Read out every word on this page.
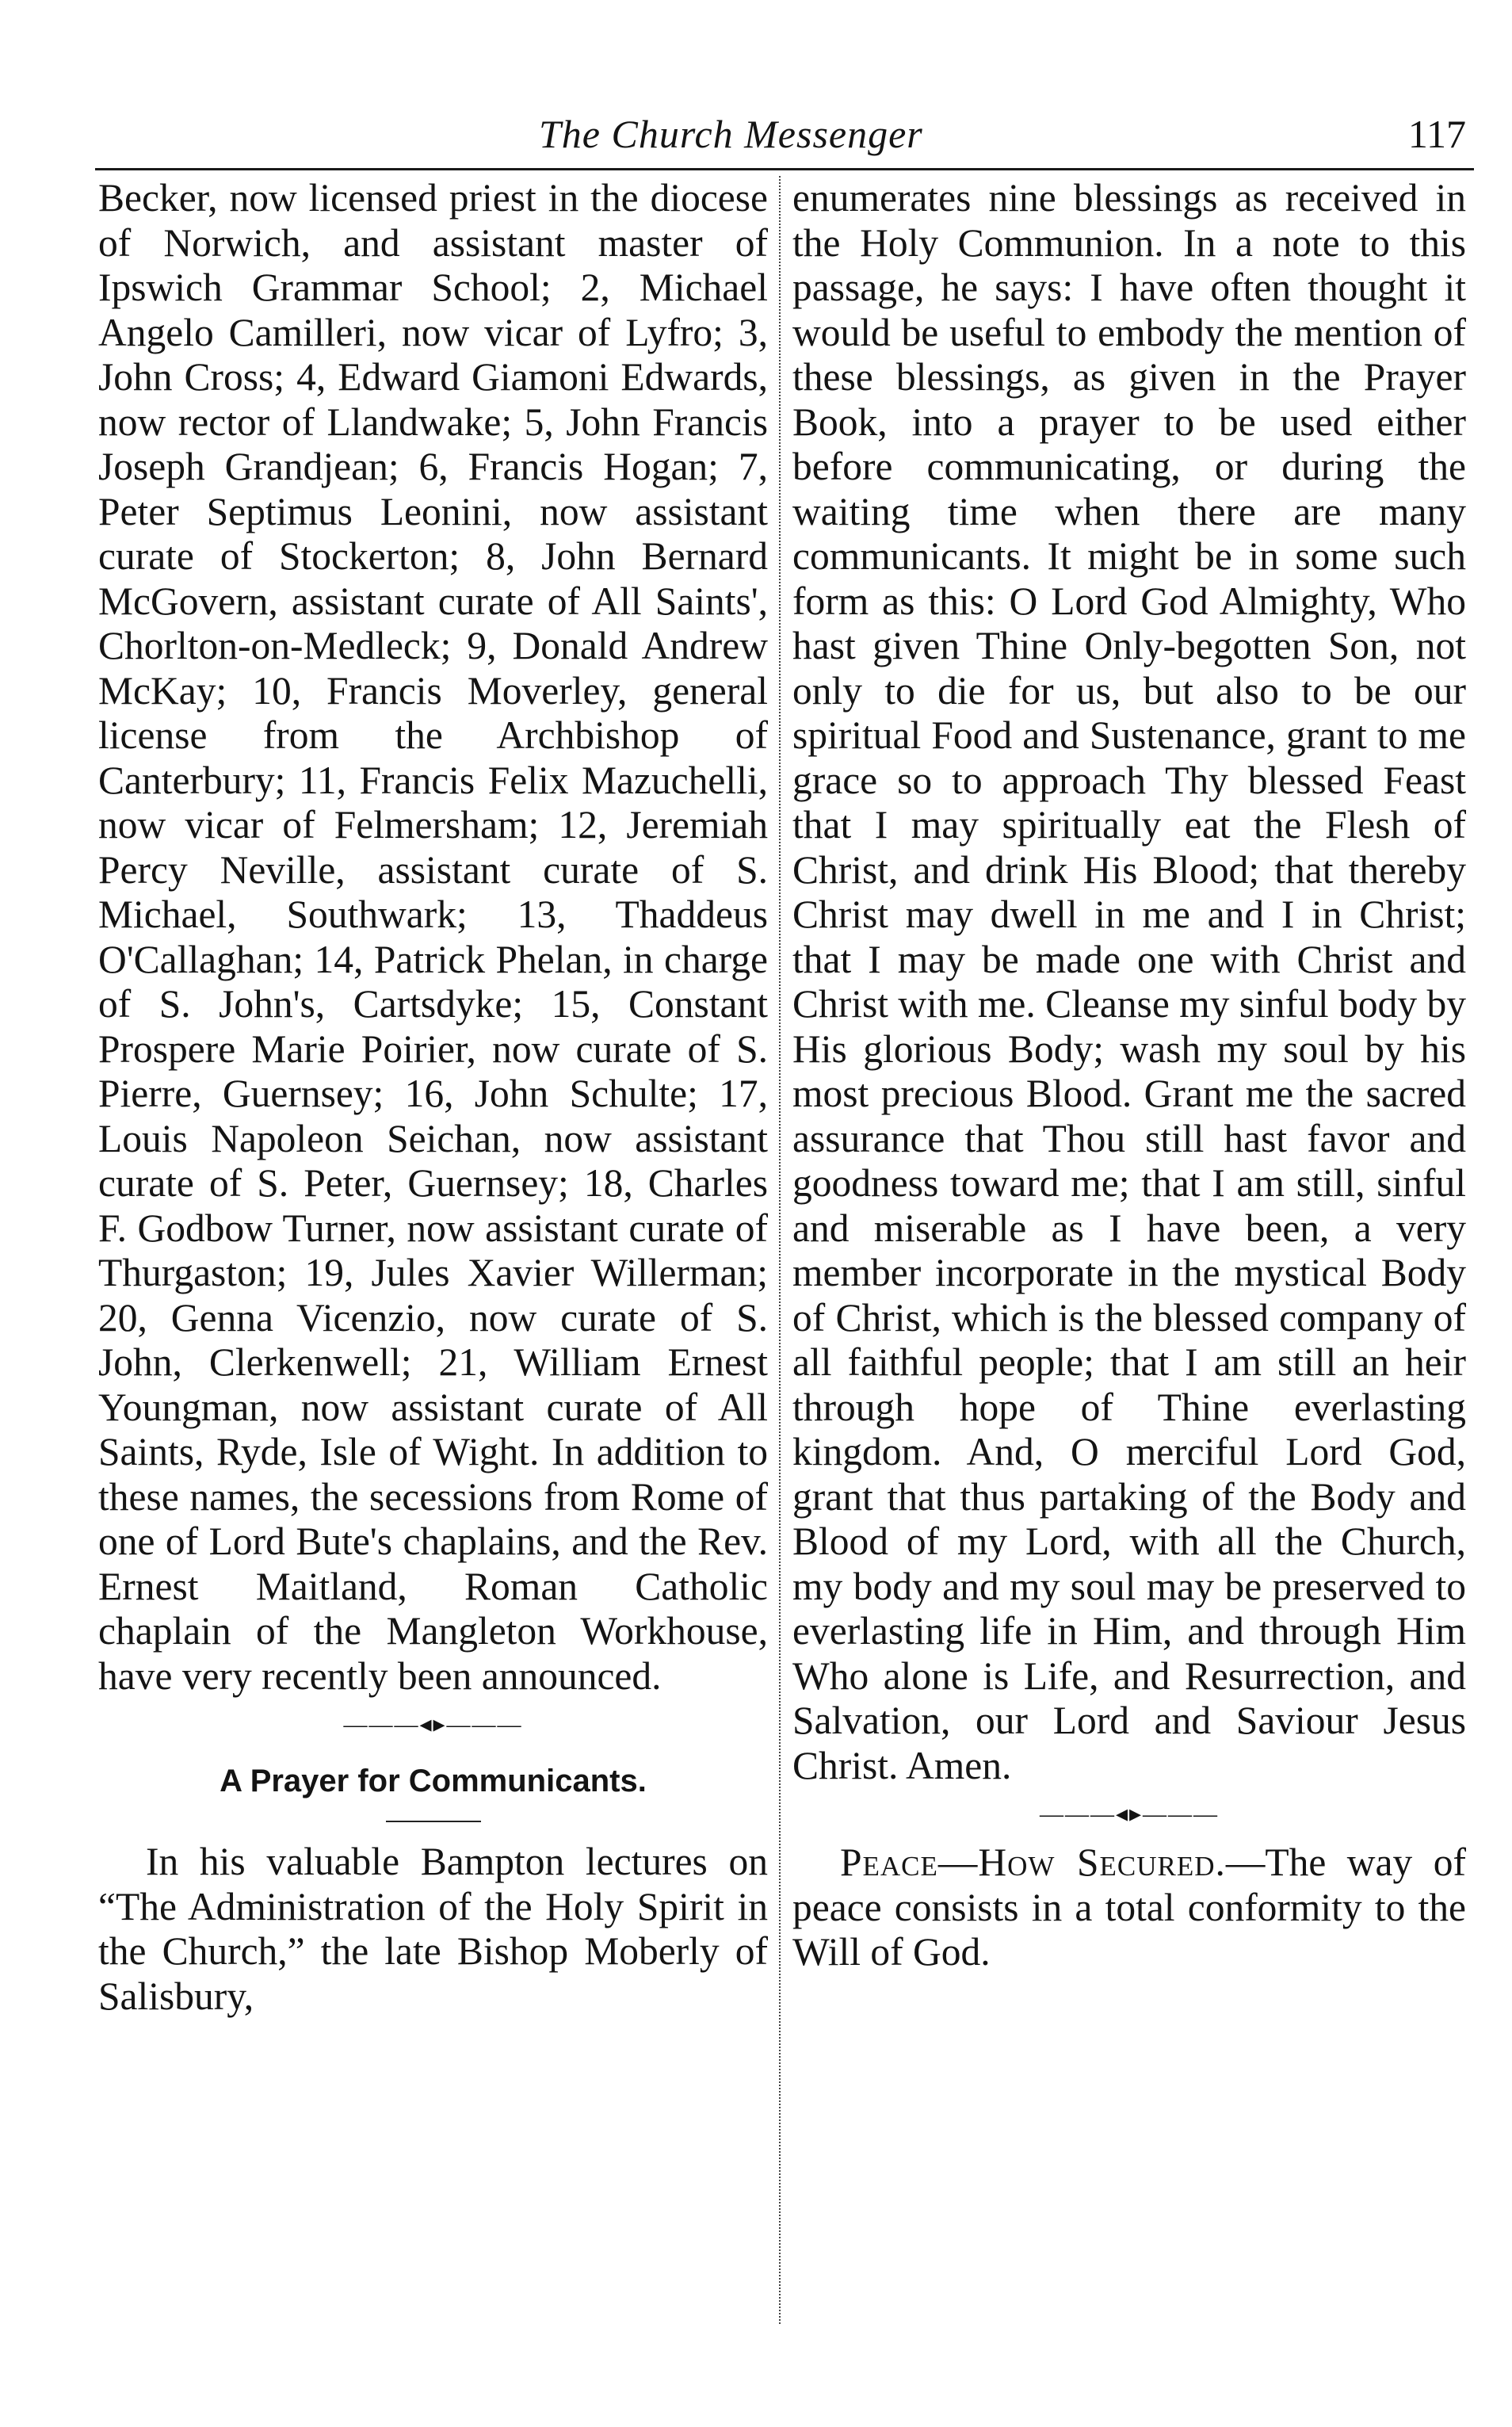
The Church Messenger	117

Becker, now licensed priest in the diocese of Norwich, and assistant master of Ipswich Grammar School; 2, Michael Angelo Camilleri, now vicar of Lyfro; 3, John Cross; 4, Edward Giamoni Edwards, now rector of Llandwake; 5, John Francis Joseph Grandjean; 6, Francis Hogan; 7, Peter Septimus Leonini, now assistant curate of Stockerton; 8, John Bernard McGovern, assistant curate of All Saints', Chorlton-on-Medleck; 9, Donald Andrew McKay; 10, Francis Moverley, general license from the Archbishop of Canterbury; 11, Francis Felix Mazuchelli, now vicar of Felmersham; 12, Jeremiah Percy Neville, assistant curate of S. Michael, Southwark; 13, Thaddeus O'Callaghan; 14, Patrick Phelan, in charge of S. John's, Cartsdyke; 15, Constant Prospere Marie Poirier, now curate of S. Pierre, Guernsey; 16, John Schulte; 17, Louis Napoleon Seichan, now assistant curate of S. Peter, Guernsey; 18, Charles F. Godbow Turner, now assistant curate of Thurgaston; 19, Jules Xavier Willerman; 20, Genna Vicenzio, now curate of S. John, Clerkenwell; 21, William Ernest Youngman, now assistant curate of All Saints, Ryde, Isle of Wight. In addition to these names, the secessions from Rome of one of Lord Bute's chaplains, and the Rev. Ernest Maitland, Roman Catholic chaplain of the Mangleton Workhouse, have very recently been announced.

———◂▸———
A Prayer for Communicants.

In his valuable Bampton lectures on “The Administration of the Holy Spirit in the Church,” the late Bishop Moberly of Salisbury,

enumerates nine blessings as received in the Holy Communion. In a note to this passage, he says: I have often thought it would be useful to embody the mention of these blessings, as given in the Prayer Book, into a prayer to be used either before communicating, or during the waiting time when there are many communicants. It might be in some such form as this: O Lord God Almighty, Who hast given Thine Only-begotten Son, not only to die for us, but also to be our spiritual Food and Sustenance, grant to me grace so to approach Thy blessed Feast that I may spiritually eat the Flesh of Christ, and drink His Blood; that thereby Christ may dwell in me and I in Christ; that I may be made one with Christ and Christ with me. Cleanse my sinful body by His glorious Body; wash my soul by his most precious Blood. Grant me the sacred assurance that Thou still hast favor and goodness toward me; that I am still, sinful and miserable as I have been, a very member incorporate in the mystical Body of Christ, which is the blessed company of all faithful people; that I am still an heir through hope of Thine everlasting kingdom. And, O merciful Lord God, grant that thus partaking of the Body and Blood of my Lord, with all the Church, my body and my soul may be preserved to everlasting life in Him, and through Him Who alone is Life, and Resurrection, and Salvation, our Lord and Saviour Jesus Christ. Amen.

———◂▸———

Peace—How Secured.—The way of peace consists in a total conformity to the Will of God.
